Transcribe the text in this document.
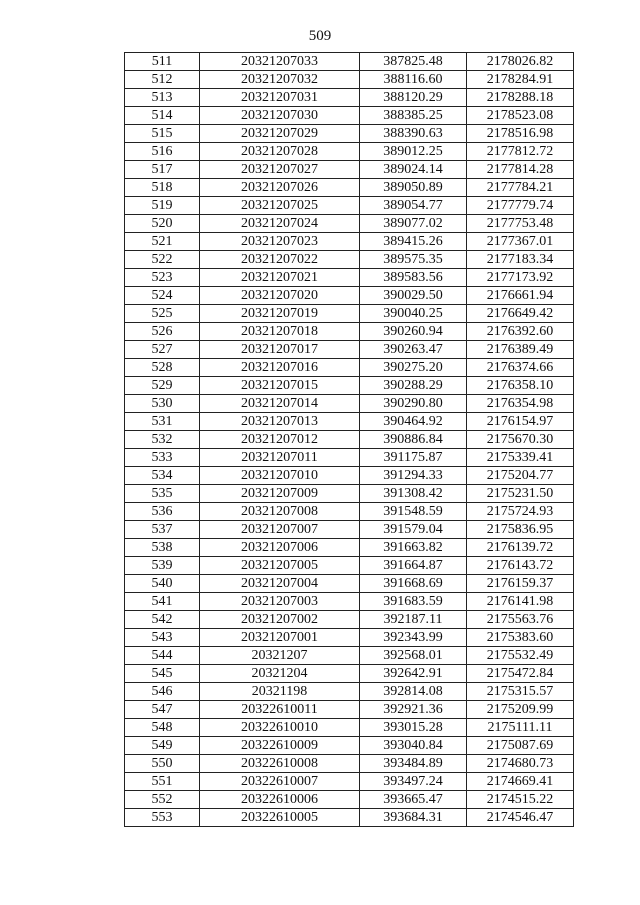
509
511	20321207033	387825.48	2178026.82
512	20321207032	388116.60	2178284.91
513	20321207031	388120.29	2178288.18
514	20321207030	388385.25	2178523.08
515	20321207029	388390.63	2178516.98
516	20321207028	389012.25	2177812.72
517	20321207027	389024.14	2177814.28
518	20321207026	389050.89	2177784.21
519	20321207025	389054.77	2177779.74
520	20321207024	389077.02	2177753.48
521	20321207023	389415.26	2177367.01
522	20321207022	389575.35	2177183.34
523	20321207021	389583.56	2177173.92
524	20321207020	390029.50	2176661.94
525	20321207019	390040.25	2176649.42
526	20321207018	390260.94	2176392.60
527	20321207017	390263.47	2176389.49
528	20321207016	390275.20	2176374.66
529	20321207015	390288.29	2176358.10
530	20321207014	390290.80	2176354.98
531	20321207013	390464.92	2176154.97
532	20321207012	390886.84	2175670.30
533	20321207011	391175.87	2175339.41
534	20321207010	391294.33	2175204.77
535	20321207009	391308.42	2175231.50
536	20321207008	391548.59	2175724.93
537	20321207007	391579.04	2175836.95
538	20321207006	391663.82	2176139.72
539	20321207005	391664.87	2176143.72
540	20321207004	391668.69	2176159.37
541	20321207003	391683.59	2176141.98
542	20321207002	392187.11	2175563.76
543	20321207001	392343.99	2175383.60
544	20321207	392568.01	2175532.49
545	20321204	392642.91	2175472.84
546	20321198	392814.08	2175315.57
547	20322610011	392921.36	2175209.99
548	20322610010	393015.28	2175111.11
549	20322610009	393040.84	2175087.69
550	20322610008	393484.89	2174680.73
551	20322610007	393497.24	2174669.41
552	20322610006	393665.47	2174515.22
553	20322610005	393684.31	2174546.47
